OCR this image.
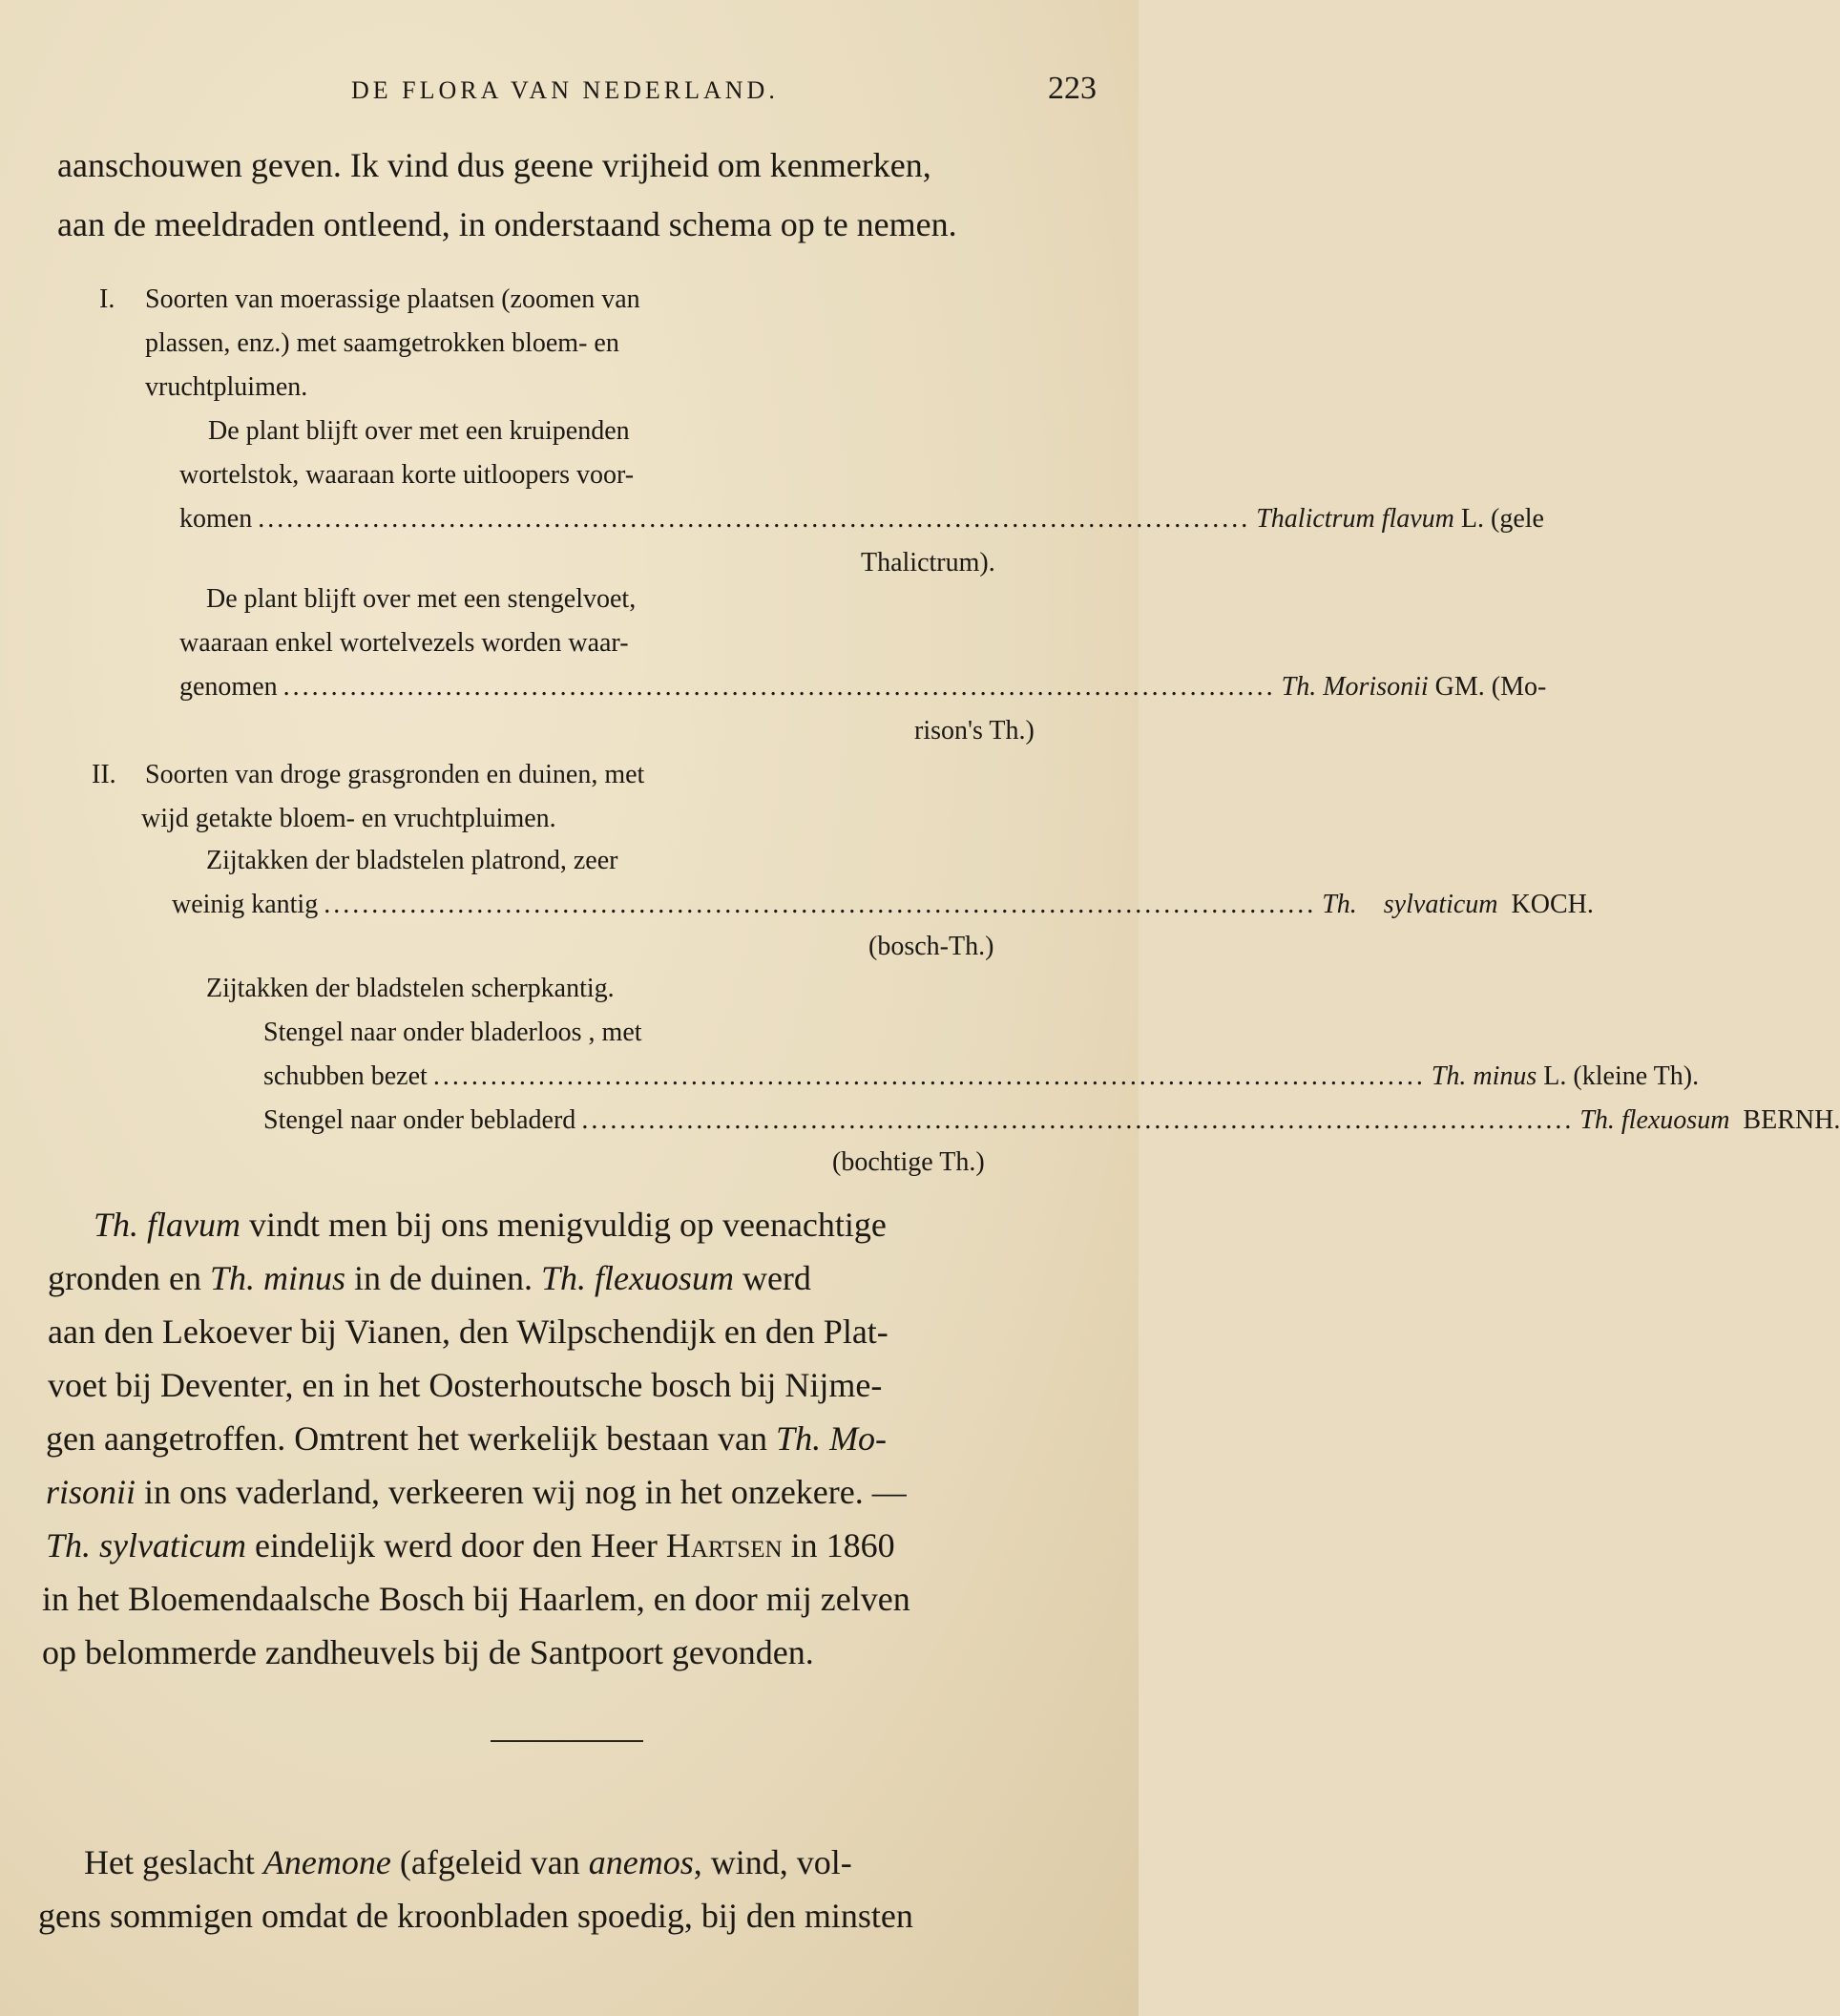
DE FLORA VAN NEDERLAND.	223
aanschouwen geven. Ik vind dus geene vrijheid om kenmerken,
aan de meeldraden ontleend, in onderstaand schema op te nemen.
I. Soorten van moerassige plaatsen (zoomen van
plassen, enz.) met saamgetrokken bloem- en
vruchtpluimen.
De plant blijft over met een kruipenden
wortelstok, waaraan korte uitloopers voor-
komen ........................................................................................................ Thalictrum flavum L. (gele
Thalictrum).
De plant blijft over met een stengelvoet,
waaraan enkel wortelvezels worden waar-
genomen ........................................................................................................ Th. Morisonii GM. (Mo-
rison's Th.)
II. Soorten van droge grasgronden en duinen, met
wijd getakte bloem- en vruchtpluimen.
Zijtakken der bladstelen platrond, zeer
weinig kantig ........................................................................................................ Th. sylvaticum KOCH.
(bosch-Th.)
Zijtakken der bladstelen scherpkantig.
Stengel naar onder bladerloos , met
schubben bezet ........................................................................................................ Th. minus L. (kleine Th).
Stengel naar onder bebladerd ........................................................................................................ Th. flexuosum BERNH.
(bochtige Th.)
Th. flavum vindt men bij ons menigvuldig op veenachtige
gronden en Th. minus in de duinen. Th. flexuosum werd
aan den Lekoever bij Vianen, den Wilpschendijk en den Plat-
voet bij Deventer, en in het Oosterhoutsche bosch bij Nijme-
gen aangetroffen. Omtrent het werkelijk bestaan van Th. Mo-
risonii in ons vaderland, verkeeren wij nog in het onzekere. —
Th. sylvaticum eindelijk werd door den Heer Hartsen in 1860
in het Bloemendaalsche Bosch bij Haarlem, en door mij zelven
op belommerde zandheuvels bij de Santpoort gevonden.
Het geslacht Anemone (afgeleid van anemos, wind, vol-
gens sommigen omdat de kroonbladen spoedig, bij den minsten
